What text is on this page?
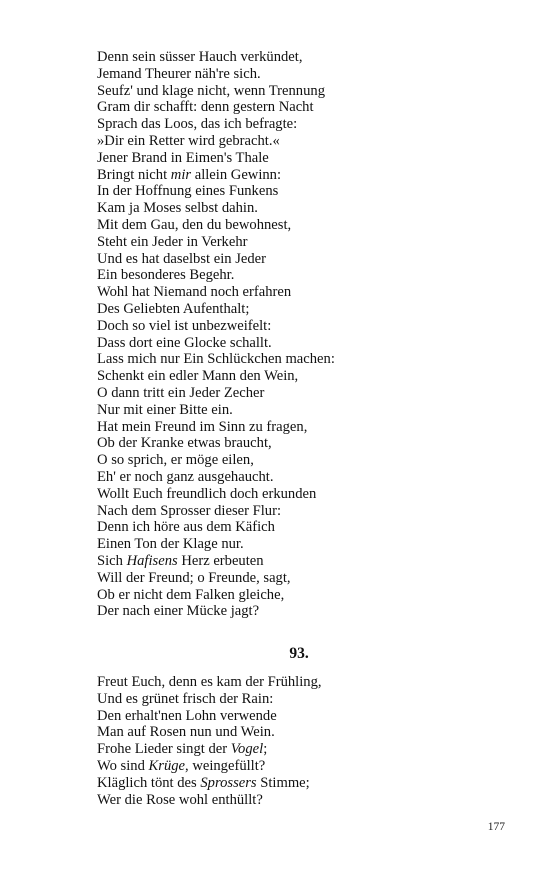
Denn sein süsser Hauch verkündet,
Jemand Theurer näh're sich.
Seufz' und klage nicht, wenn Trennung
Gram dir schafft: denn gestern Nacht
Sprach das Loos, das ich befragte:
»Dir ein Retter wird gebracht.«
Jener Brand in Eimen's Thale
Bringt nicht mir allein Gewinn:
In der Hoffnung eines Funkens
Kam ja Moses selbst dahin.
Mit dem Gau, den du bewohnest,
Steht ein Jeder in Verkehr
Und es hat daselbst ein Jeder
Ein besonderes Begehr.
Wohl hat Niemand noch erfahren
Des Geliebten Aufenthalt;
Doch so viel ist unbezweifelt:
Dass dort eine Glocke schallt.
Lass mich nur Ein Schlückchen machen:
Schenkt ein edler Mann den Wein,
O dann tritt ein Jeder Zecher
Nur mit einer Bitte ein.
Hat mein Freund im Sinn zu fragen,
Ob der Kranke etwas braucht,
O so sprich, er möge eilen,
Eh' er noch ganz ausgehaucht.
Wollt Euch freundlich doch erkunden
Nach dem Sprosser dieser Flur:
Denn ich höre aus dem Käfich
Einen Ton der Klage nur.
Sich Hafisens Herz erbeuten
Will der Freund; o Freunde, sagt,
Ob er nicht dem Falken gleiche,
Der nach einer Mücke jagt?
93.
Freut Euch, denn es kam der Frühling,
Und es grünet frisch der Rain:
Den erhalt'nen Lohn verwende
Man auf Rosen nun und Wein.
Frohe Lieder singt der Vogel;
Wo sind Krüge, weingefüllt?
Kläglich tönt des Sprossers Stimme;
Wer die Rose wohl enthüllt?
177
